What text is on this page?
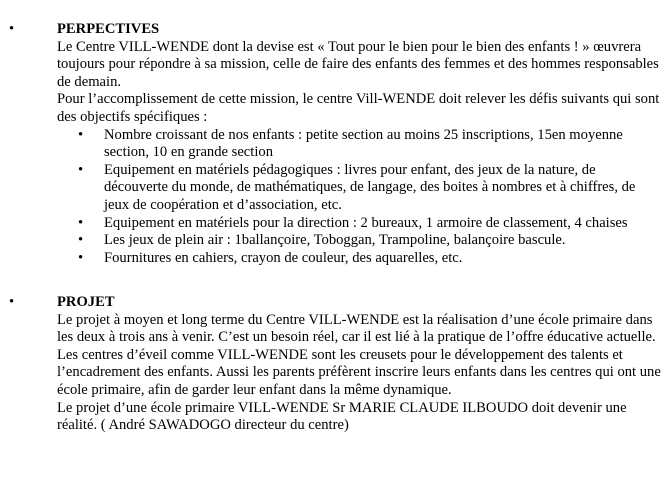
•	PERPECTIVES
Le Centre VILL-WENDE dont la devise est « Tout pour le bien pour le bien des enfants ! » œuvrera toujours pour répondre à sa mission, celle de faire des enfants des femmes et des hommes responsables de demain.
Pour l’accomplissement de cette mission, le centre Vill-WENDE doit relever les défis suivants qui sont des objectifs spécifiques :
• Nombre croissant de nos enfants : petite section au moins 25 inscriptions, 15en moyenne section, 10 en grande section
• Equipement en matériels pédagogiques : livres pour enfant, des jeux de la nature, de découverte du monde, de mathématiques, de langage, des boites à nombres et à chiffres, de jeux de coopération et d’association, etc.
• Equipement en matériels pour la direction : 2 bureaux, 1 armoire de classement, 4 chaises
• Les jeux de plein air : 1ballançoire, Toboggan, Trampoline, balançoire bascule.
• Fournitures en cahiers, crayon de couleur, des aquarelles, etc.
•	PROJET
Le projet à moyen et long terme du Centre VILL-WENDE est la réalisation d’une école primaire dans les deux à trois ans à venir. C’est un besoin réel, car il est lié à la pratique de l’offre éducative actuelle. Les centres d’éveil comme VILL-WENDE sont les creusets pour le développement des talents et l’encadrement des enfants. Aussi les parents préfèrent inscrire leurs enfants dans les centres qui ont une école primaire, afin de garder leur enfant dans la même dynamique.
Le projet d’une école primaire VILL-WENDE Sr MARIE CLAUDE ILBOUDO doit devenir une réalité. ( André SAWADOGO directeur du centre)
